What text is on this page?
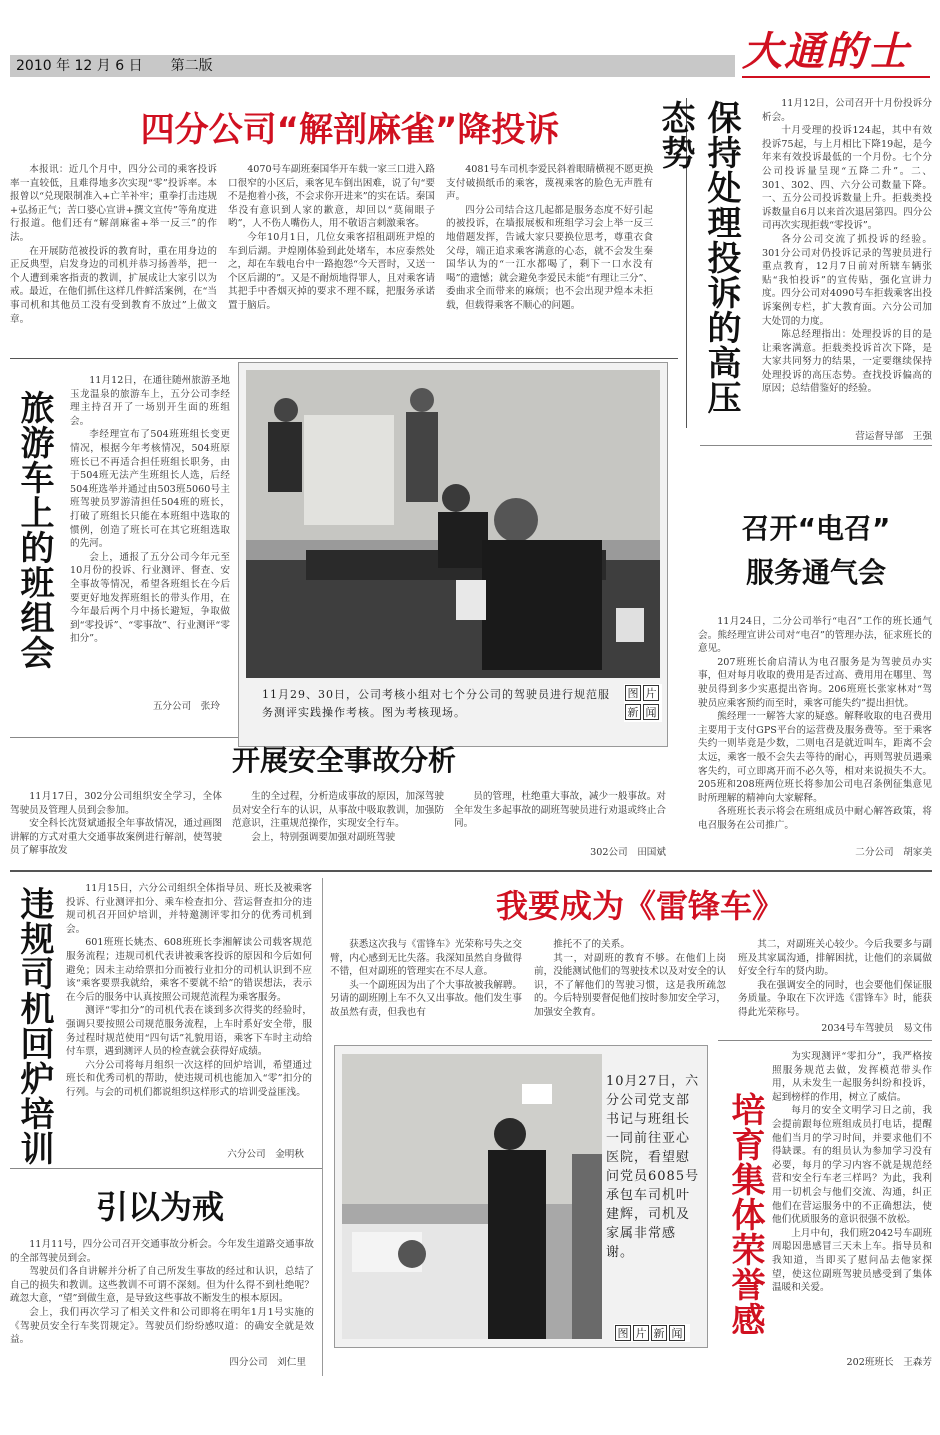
2010 年 12 月 6 日　　第二版	大通的士
四分公司“解剖麻雀”降投诉

本报讯：近几个月中，四分公司的乘客投诉率一直较低，且难得地多次实现“零”投诉率。本报曾以“兑现限制准入+亡羊补牢；重拳打击违规+弘扬正气；苦口婆心宣讲+撰文宣传”等角度进行报道。他们还有“解剖麻雀+举一反三”的作法。

在开展防范被投诉的教育时，重在用身边的正反典型，启发身边的司机并恭习扬善举，把一个人遭到乘客指责的教训，扩展成让大家引以为戒。最近，在他们抓住这样几件鲜活案例，在“当事司机和其他员工没有受到教育不放过”上做文章。

4070号车副班秦国华开车载一家三口进入路口很窄的小区后，乘客见车倒出困难，说了句“要不是抱着小孩，不会求你开进来”的实在话。秦国华没有意识到人家的歉意，却回以“莫闹眼子哟”，人不伤人嘴伤人，用不敬语言刺激乘客。

今年10月1日，几位女乘客招租副班尹煌的车到后湖。尹煌刚体验到此处堵车，本应泰然处之，却在车载电台中一路抱怨“今天晋时，又送一个区后湖的”。又是不耐烦地得罪人，且对乘客请其把手中香烟灭掉的要求不理不睬，把服务承诺置于脑后。

4081号车司机李爱民斜着眼睛横视不愿更换支付破损纸币的乘客，蔑视乘客的脸色无声胜有声。

四分公司结合这几起都是服务态度不好引起的被投诉，在墙报展板和班组学习会上举一反三地借题发挥，告诫大家只要换位思考，尊重衣食父母，端正追求乘客满意的心态，就不会发生秦国华认为的“一江水都喝了，剩下一口水没有喝”的遗憾；就会避免李爱民未能“有理让三分”、委曲求全而带来的麻烦；也不会出现尹煌本未拒载，但载得乘客不顺心的问题。	保持处理投诉的高压态势	11月12日，公司召开十月份投诉分析会。

十月受理的投诉124起，其中有效投诉75起，与上月相比下降19起，是今年来有效投诉最低的一个月份。七个分公司投诉量呈现“五降二升”。二、301、302、四、六分公司数量下降。一、五分公司投诉数量上升。拒载类投诉数量自6月以来首次退居第四。四分公司再次实现拒载“零投诉”。

各分公司交流了抓投诉的经验。301分公司对仍投诉记录的驾驶员进行重点教育，12月7日前对所辖车辆张贴“我怕投诉”的宣传贴，强化宣讲力度。四分公司对4090号车拒载乘客出投诉案例专栏，扩大教育面。六分公司加大处罚的力度。

陈总经理指出：处理投诉的目的是让乘客满意。拒载类投诉首次下降，是大家共同努力的结果，一定要继续保持处理投诉的高压态势。查找投诉偏高的原因；总结借鉴好的经验。

营运督导部　王强
旅游车上的班组会

11月12日，在通往随州旅游圣地玉龙温泉的旅游车上，五分公司李经理主持召开了一场别开生面的班组会。

李经理宣布了504班班组长变更情况，根据今年考核情况，504班原班长已不再适合担任班组长职务，由于504班无法产生班组长人选，后经504班选举并通过由503班5060号主班驾驶员罗游清担任504班的班长，打破了班组长只能在本班组中选取的惯例，创造了班长可在其它班组选取的先河。

会上，通报了五分公司今年元至10月份的投诉、行业测评、督查、安全事故等情况，希望各班组长在今后要更好地发挥班组长的带头作用，在今年最后两个月中扬长避短，争取做到“零投诉”、“零事故”、行业测评“零扣分”。

五分公司　张玲
11月29、30日，公司考核小组对七个分公司的驾驶员进行规范服务测评实践操作考核。图为考核现场。
图 片
新 闻
召开“电召”
服务通气会

11月24日，二分公司举行“电召”工作的班长通气会。熊经理宣讲公司对“电召”的管理办法，征求班长的意见。

207班班长俞启清认为电召服务是为驾驶员办实事，但对每月收取的费用是否过高、费用用在哪里、驾驶员得到多少实惠提出咨询。206班班长张家林对“驾驶员应乘客预约而至时，乘客可能失约”提出担忧。

熊经理一一解答大家的疑惑。解释收取的电召费用主要用于支付GPS平台的运营费及服务费等。至于乘客失约一则毕竟是少数，二则电召是就近叫车，距离不会太远，乘客一般不会失去等待的耐心，再则驾驶员遇乘客失约，可立即离开而不必久等，相对来说损失不大。205班和208班两位班长将参加公司电召条例征集意见时所理解的精神向大家解释。

各班班长表示将会在班组成员中耐心解答政策，将电召服务在公司推广。

二分公司　胡家美
开展安全事故分析

11月17日，302分公司组织安全学习，全体驾驶员及管理人员到会参加。

安全科长沈贤斌通报全年事故情况，通过画图讲解的方式对重大交通事故案例进行解剖，使驾驶员了解事故发

生的全过程，分析造成事故的原因，加深驾驶员对安全行车的认识，从事故中吸取教训，加强防范意识，注重规范操作，实现安全行车。

会上，特别强调要加强对副班驾驶

员的管理，杜绝重大事故，减少一般事故。对全年发生多起事故的副班驾驶员进行劝退或终止合同。

302公司　田国斌
违规司机回炉培训	11月15日，六分公司组织全体指导员、班长及被乘客投诉、行业测评扣分、乘车检查扣分、营运督查扣分的违规司机召开回炉培训，并特邀测评零扣分的优秀司机到会。

601班班长姚杰、608班班长李湘解读公司载客规范服务流程；违规司机代表讲被乘客投诉的原因和今后如何避免；因未主动给票扣分而被行业扣分的司机认识到不应该“乘客要票我就给，乘客不要就不给”的错误想法，表示在今后的服务中认真按照公司规范流程为乘客服务。

测评“零扣分”的司机代表在谈到多次得奖的经验时，强调只要按照公司规范服务流程，上车时系好安全带，服务过程时规范使用“四句话”礼貌用语，乘客下车时主动给付车票，遇到测评人员的检查就会获得好成绩。

六分公司将每月组织一次这样的回炉培训，希望通过班长和优秀司机的帮助，使违规司机也能加入“零”扣分的行列。与会的司机们都说组织这样形式的培训受益匪浅。

六分公司　金明秋
引以为戒

11月11号，四分公司召开交通事故分析会。今年发生道路交通事故的全部驾驶员到会。

驾驶员们各自讲解并分析了自己所发生事故的经过和认识，总结了自己的损失和教训。这些教训不可谓不深刻。但为什么得不到杜绝呢？疏忽大意，“望”到做生意，是导致这些事故不断发生的根本原因。

会上，我们再次学习了相关文件和公司即将在明年1月1号实施的《驾驶员安全行车奖罚规定》。驾驶员们纷纷感叹道：的确安全就是效益。

四分公司　刘仁里
我要成为《雷锋车》

获悉这次我与《雷锋车》光荣称号失之交臂，内心感到无比失落。我深知虽然自身做得不错，但对副班的管理实在不尽人意。

头一个副班因为出了个大事故被我解聘。另请的副班刚上车不久又出事故。他们发生事故虽然有责，但我也有

推托不了的关系。

其一，对副班的教育不够。在他们上岗前，没能测试他们的驾驶技术以及对安全的认识，不了解他们的驾驶习惯，这是我所疏忽的。今后特别要督促他们按时参加安全学习，加强安全教育。

其二，对副班关心较少。今后我要多与副班及其家属沟通，排解困扰，让他们的亲属做好安全行车的贤内助。

我在强调安全的同时，也会要他们保证服务质量。争取在下次评选《雷锋车》时，能获得此光荣称号。

2034号车驾驶员　易文伟
10月27日，六分公司党支部书记与班组长一同前往亚心医院，看望慰问党员6085号承包车司机叶建辉，司机及家属非常感谢。
图 片 新 闻 培育集体荣誉感

为实现测评“零扣分”，我严格按照服务规范去做，发挥模范带头作用，从未发生一起服务纠纷和投诉，起到榜样的作用，树立了威信。

每月的安全文明学习日之前，我会提前跟每位班组成员打电话，提醒他们当月的学习时间，并要求他们不得缺课。有的组员认为参加学习没有必要，每月的学习内容不就是规范经营和安全行车老三样吗？为此，我利用一切机会与他们交流、沟通，纠正他们在营运服务中的不正确想法，使他们优质服务的意识很强不放松。

上月中旬，我们班2042号车副班周聪因患感冒三天未上车。指导员和我知道，当即买了慰问品去他家探望，使这位副班驾驶员感受到了集体温暖和关爱。

202班班长　王森芳
